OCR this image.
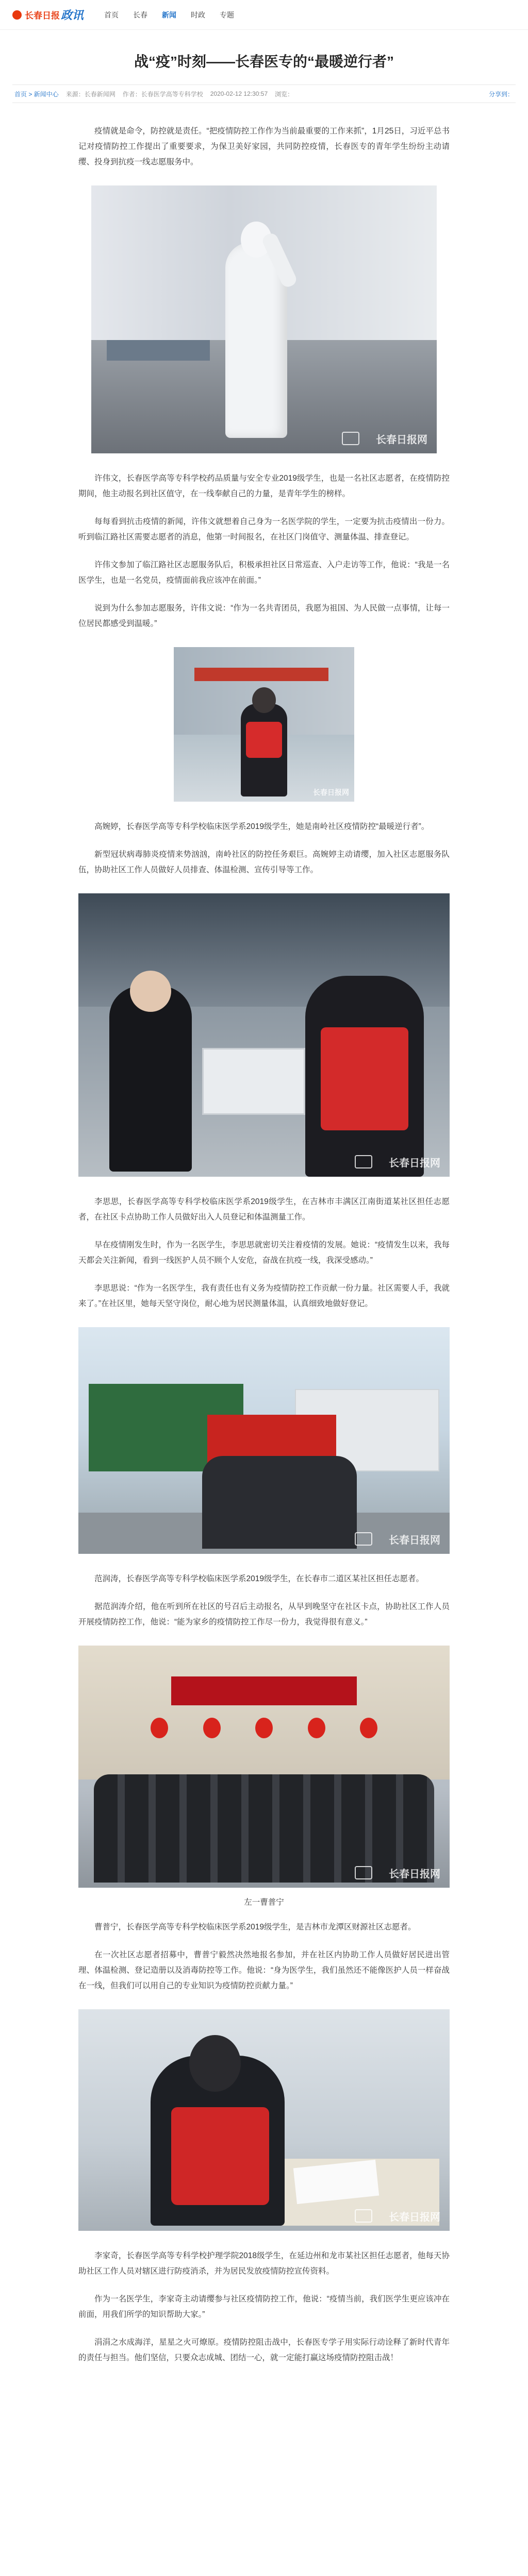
长春日报 政讯	首页 长春 新闻 时政 专题
战“疫”时刻——长春医专的“最暖逆行者”
首页 > 新闻中心 来源：长春新闻网 作者：长春医学高等专科学校 2020-02-12 12:30:57 浏览：	分享到：

疫情就是命令，防控就是责任。“把疫情防控工作作为当前最重要的工作来抓”，1月25日，习近平总书记对疫情防控工作提出了重要要求，为保卫美好家园，共同防控疫情，长春医专的青年学生纷纷主动请缨、投身到抗疫一线志愿服务中。

长春日报网

许伟文，长春医学高等专科学校药品质量与安全专业2019级学生，也是一名社区志愿者，在疫情防控期间，他主动报名到社区值守，在一线奉献自己的力量，是青年学生的榜样。

每每看到抗击疫情的新闻，许伟文就想着自己身为一名医学院的学生，一定要为抗击疫情出一份力。听到临江路社区需要志愿者的消息，他第一时间报名，在社区门岗值守、测量体温、排查登记。

许伟文参加了临江路社区志愿服务队后，积极承担社区日常巡查、入户走访等工作，他说：“我是一名医学生，也是一名党员，疫情面前我应该冲在前面。”

说到为什么参加志愿服务，许伟文说：“作为一名共青团员，我愿为祖国、为人民做一点事情，让每一位居民都感受到温暖。”

长春日报网

高婉婷，长春医学高等专科学校临床医学系2019级学生，她是南岭社区疫情防控“最暖逆行者”。

新型冠状病毒肺炎疫情来势汹汹，南岭社区的防控任务艰巨。高婉婷主动请缨，加入社区志愿服务队伍，协助社区工作人员做好人员排查、体温检测、宣传引导等工作。

长春日报网

李思思，长春医学高等专科学校临床医学系2019级学生，在吉林市丰满区江南街道某社区担任志愿者，在社区卡点协助工作人员做好出入人员登记和体温测量工作。

早在疫情刚发生时，作为一名医学生，李思思就密切关注着疫情的发展。她说：“疫情发生以来，我每天都会关注新闻，看到一线医护人员不顾个人安危，奋战在抗疫一线，我深受感动。”

李思思说：“作为一名医学生，我有责任也有义务为疫情防控工作贡献一份力量。社区需要人手，我就来了。”在社区里，她每天坚守岗位，耐心地为居民测量体温，认真细致地做好登记。

长春日报网

范润涛，长春医学高等专科学校临床医学系2019级学生，在长春市二道区某社区担任志愿者。

据范润涛介绍，他在听到所在社区的号召后主动报名，从早到晚坚守在社区卡点，协助社区工作人员开展疫情防控工作，他说：“能为家乡的疫情防控工作尽一份力，我觉得很有意义。”

长春日报网
左一曹普宁

曹普宁，长春医学高等专科学校临床医学系2019级学生，是吉林市龙潭区财源社区志愿者。

在一次社区志愿者招募中，曹普宁毅然决然地报名参加，并在社区内协助工作人员做好居民进出管理、体温检测、登记造册以及消毒防控等工作。他说：“身为医学生，我们虽然还不能像医护人员一样奋战在一线，但我们可以用自己的专业知识为疫情防控贡献力量。”

长春日报网

李家奇，长春医学高等专科学校护理学院2018级学生，在延边州和龙市某社区担任志愿者，他每天协助社区工作人员对辖区进行防疫消杀，并为居民发放疫情防控宣传资料。

作为一名医学生，李家奇主动请缨参与社区疫情防控工作，他说：“疫情当前，我们医学生更应该冲在前面，用我们所学的知识帮助大家。”

涓涓之水成海洋，星星之火可燎原。疫情防控阻击战中，长春医专学子用实际行动诠释了新时代青年的责任与担当。他们坚信，只要众志成城、团结一心，就一定能打赢这场疫情防控阻击战！
